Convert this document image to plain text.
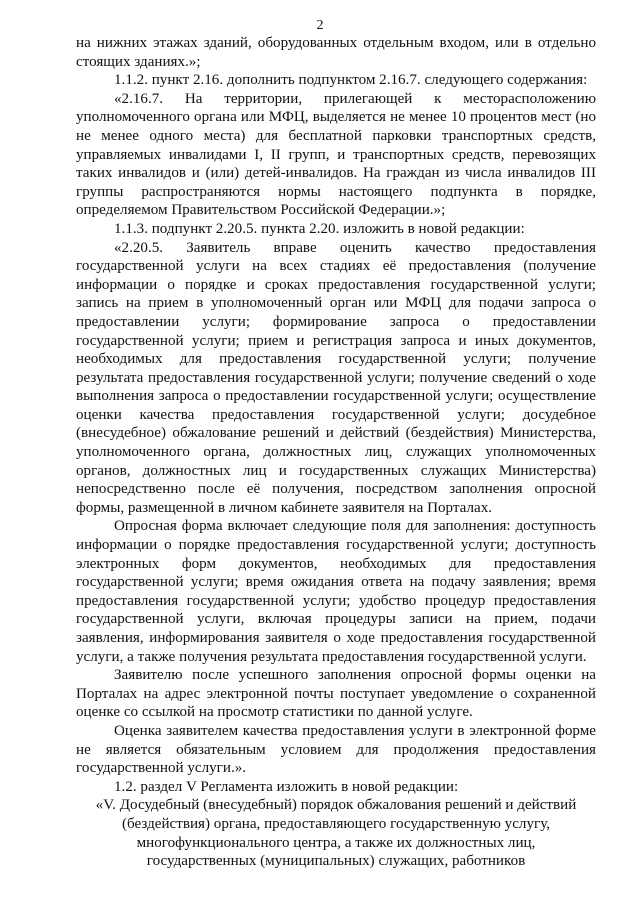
2

на нижних этажах зданий, оборудованных отдельным входом, или в отдельно стоящих зданиях.»;

1.1.2. пункт 2.16. дополнить подпунктом 2.16.7. следующего содержания:

«2.16.7. На территории, прилегающей к месторасположению уполномоченного органа или МФЦ, выделяется не менее 10 процентов мест (но не менее одного места) для бесплатной парковки транспортных средств, управляемых инвалидами I, II групп, и транспортных средств, перевозящих таких инвалидов и (или) детей-инвалидов. На граждан из числа инвалидов III группы распространяются нормы настоящего подпункта в порядке, определяемом Правительством Российской Федерации.»;

1.1.3. подпункт 2.20.5. пункта 2.20. изложить в новой редакции:

«2.20.5. Заявитель вправе оценить качество предоставления государственной услуги на всех стадиях её предоставления (получение информации о порядке и сроках предоставления государственной услуги; запись на прием в уполномоченный орган или МФЦ для подачи запроса о предоставлении услуги; формирование запроса о предоставлении государственной услуги; прием и регистрация запроса и иных документов, необходимых для предоставления государственной услуги; получение результата предоставления государственной услуги; получение сведений о ходе выполнения запроса о предоставлении государственной услуги; осуществление оценки качества предоставления государственной услуги; досудебное (внесудебное) обжалование решений и действий (бездействия) Министерства, уполномоченного органа, должностных лиц, служащих уполномоченных органов, должностных лиц и государственных служащих Министерства) непосредственно после её получения, посредством заполнения опросной формы, размещенной в личном кабинете заявителя на Порталах.

Опросная форма включает следующие поля для заполнения: доступность информации о порядке предоставления государственной услуги; доступность электронных форм документов, необходимых для предоставления государственной услуги; время ожидания ответа на подачу заявления; время предоставления государственной услуги; удобство процедур предоставления государственной услуги, включая процедуры записи на прием, подачи заявления, информирования заявителя о ходе предоставления государственной услуги, а также получения результата предоставления государственной услуги.

Заявителю после успешного заполнения опросной формы оценки на Порталах на адрес электронной почты поступает уведомление о сохраненной оценке со ссылкой на просмотр статистики по данной услуге.

Оценка заявителем качества предоставления услуги в электронной форме не является обязательным условием для продолжения предоставления государственной услуги.».

1.2. раздел V Регламента изложить в новой редакции:

«V. Досудебный (внесудебный) порядок обжалования решений и действий (бездействия) органа, предоставляющего государственную услугу, многофункционального центра, а также их должностных лиц, государственных (муниципальных) служащих, работников
